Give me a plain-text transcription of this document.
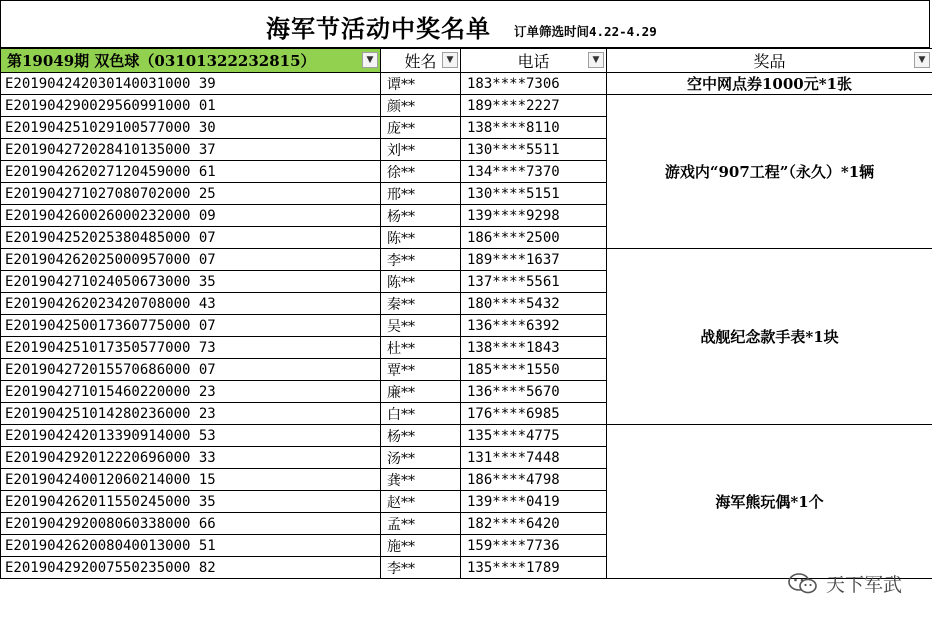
海军节活动中奖名单 订单筛选时间4.22-4.29
第19049期 双色球（03101322232815） ▼	姓名 ▼	电话 ▼	奖品 ▼

E201904242030140031000 39	谭**	183****7306	空中网点券1000元*1张
E201904290029560991000 01	颜**	189****2227	游戏内“907工程”（永久）*1辆
E201904251029100577000 30	庞**	138****8110	
E201904272028410135000 37	刘**	130****5511	
E201904262027120459000 61	徐**	134****7370	
E201904271027080702000 25	邢**	130****5151	
E201904260026000232000 09	杨**	139****9298	
E201904252025380485000 07	陈**	186****2500	
E201904262025000957000 07	李**	189****1637	战舰纪念款手表*1块
E201904271024050673000 35	陈**	137****5561	
E201904262023420708000 43	秦**	180****5432	
E201904250017360775000 07	吴**	136****6392	
E201904251017350577000 73	杜**	138****1843	
E201904272015570686000 07	覃**	185****1550	
E201904271015460220000 23	廉**	136****5670	
E201904251014280236000 23	白**	176****6985	
E201904242013390914000 53	杨**	135****4775	海军熊玩偶*1个
E201904292012220696000 33	汤**	131****7448	
E201904240012060214000 15	龚**	186****4798	
E201904262011550245000 35	赵**	139****0419	
E201904292008060338000 66	孟**	182****6420	
E201904262008040013000 51	施**	159****7736	
E201904292007550235000 82	李**	135****1789	
天下军武
